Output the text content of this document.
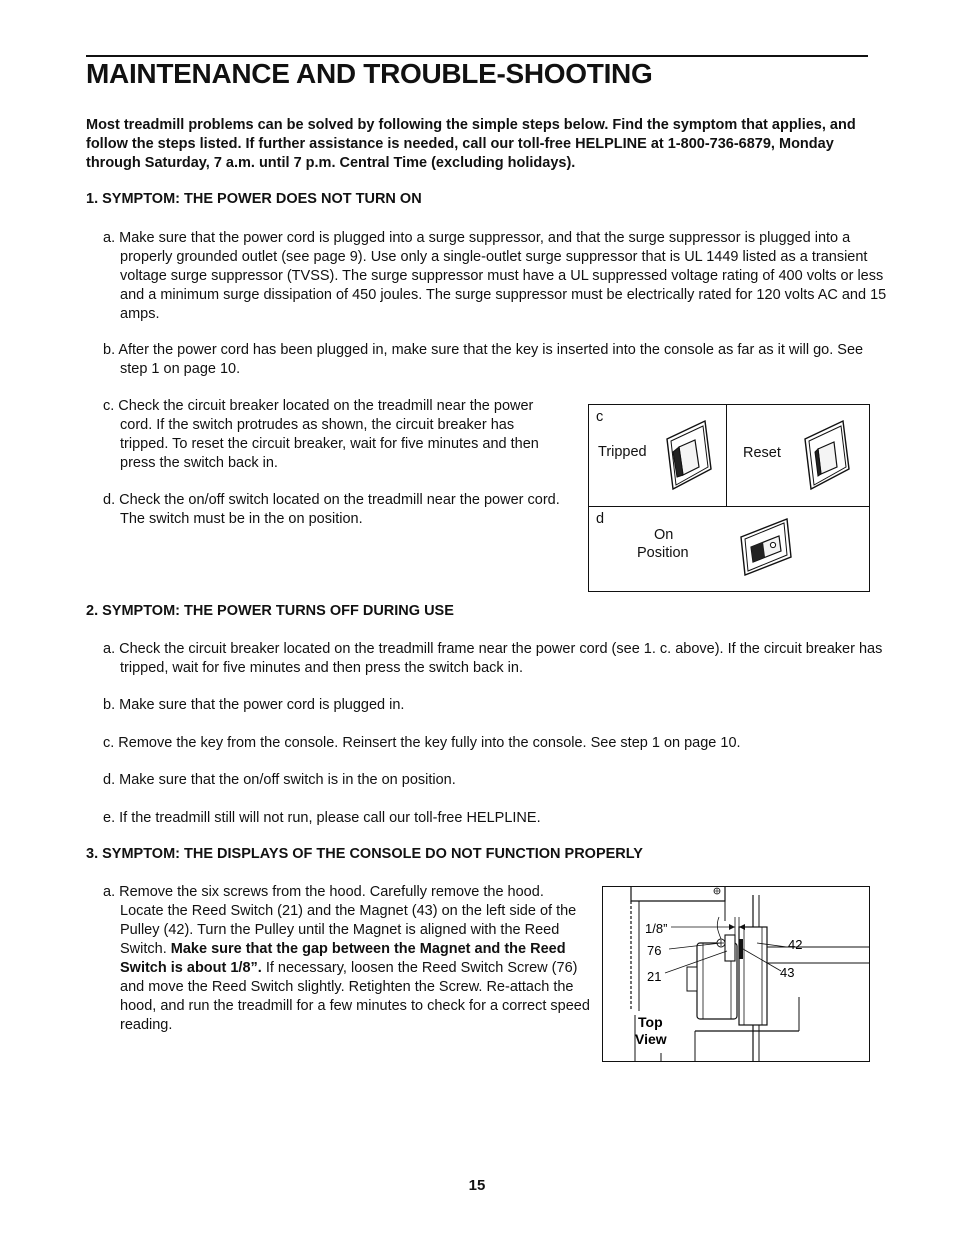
MAINTENANCE AND TROUBLE-SHOOTING

Most treadmill problems can be solved by following the simple steps below. Find the symptom that applies, and follow the steps listed. If further assistance is needed, call our toll-free HELPLINE at 1-800-736-6879, Monday through Saturday, 7 a.m. until 7 p.m. Central Time (excluding holidays).

1. SYMPTOM: THE POWER DOES NOT TURN ON

a. Make sure that the power cord is plugged into a surge suppressor, and that the surge suppressor is plugged into a properly grounded outlet (see page 9). Use only a single-outlet surge suppressor that is UL 1449 listed as a transient voltage surge suppressor (TVSS). The surge suppressor must have a UL suppressed voltage rating of 400 volts or less and a minimum surge dissipation of 450 joules. The surge suppressor must be electrically rated for 120 volts AC and 15 amps.

b. After the power cord has been plugged in, make sure that the key is inserted into the console as far as it will go. See step 1 on page 10.

c. Check the circuit breaker located on the treadmill near the power cord. If the switch protrudes as shown, the circuit breaker has tripped. To reset the circuit breaker, wait for five minutes and then press the switch back in.

d. Check the on/off switch located on the treadmill near the power cord. The switch must be in the on position.

c
Tripped	Reset
d
On
Position

2. SYMPTOM: THE POWER TURNS OFF DURING USE

a. Check the circuit breaker located on the treadmill frame near the power cord (see 1. c. above). If the circuit breaker has tripped, wait for five minutes and then press the switch back in.

b. Make sure that the power cord is plugged in.

c. Remove the key from the console. Reinsert the key fully into the console. See step 1 on page 10.

d. Make sure that the on/off switch is in the on position.

e. If the treadmill still will not run, please call our toll-free HELPLINE.

3. SYMPTOM: THE DISPLAYS OF THE CONSOLE DO NOT FUNCTION PROPERLY

a. Remove the six screws from the hood. Carefully remove the hood. Locate the Reed Switch (21) and the Magnet (43) on the left side of the Pulley (42). Turn the Pulley until the Magnet is aligned with the Reed Switch. Make sure that the gap between the Magnet and the Reed Switch is about 1/8”. If necessary, loosen the Reed Switch Screw (76) and move the Reed Switch slightly. Retighten the Screw. Re-attach the hood, and run the treadmill for a few minutes to check for a correct speed reading.

1/8”
76
21
42
43
Top
View
15
